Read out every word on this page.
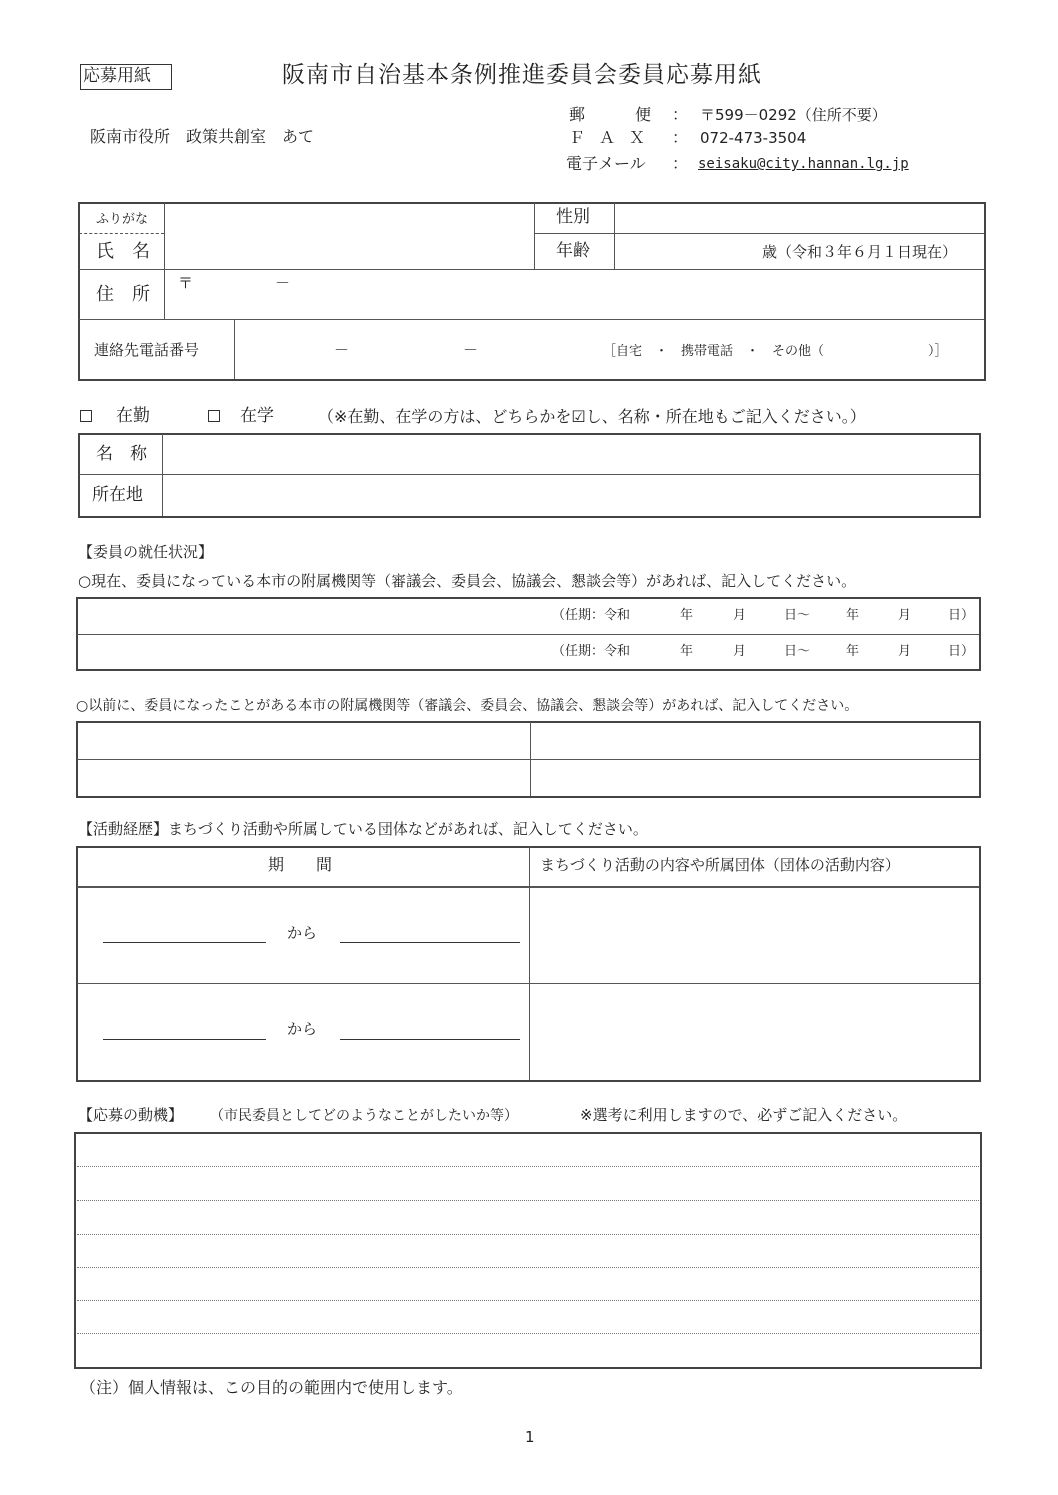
応募用紙	阪南市自治基本条例推進委員会委員応募用紙
阪南市役所　政策共創室　あて
郵　　便 ： 〒599－0292（住所不要）
ＦＡＸ ： 072-473-3504
電子メール ： seisaku@city.hannan.lg.jp
ふりがな
氏　名
性別
年齢	歳（令和３年６月１日現在）
住　所
〒	－
連絡先電話番号	－	－	［自宅　・　携帯電話　・　その他（　　　　　　　　）］
在勤	在学	（※在勤、在学の方は、どちらかを☑し、名称・所在地もご記入ください。）
名　称
所在地
【委員の就任状況】
○現在、委員になっている本市の附属機関等（審議会、委員会、協議会、懇談会等）があれば、記入してください。
（任期：令和	年	月	日～	年	月	日）
（任期：令和	年	月	日～	年	月	日）
○以前に、委員になったことがある本市の附属機関等（審議会、委員会、協議会、懇談会等）があれば、記入してください。
【活動経歴】まちづくり活動や所属している団体などがあれば、記入してください。
期　　間	まちづくり活動の内容や所属団体（団体の活動内容）
から
から
【応募の動機】 （市民委員としてどのようなことがしたいか等）	※選考に利用しますので、必ずご記入ください。
（注）個人情報は、この目的の範囲内で使用します。
1
